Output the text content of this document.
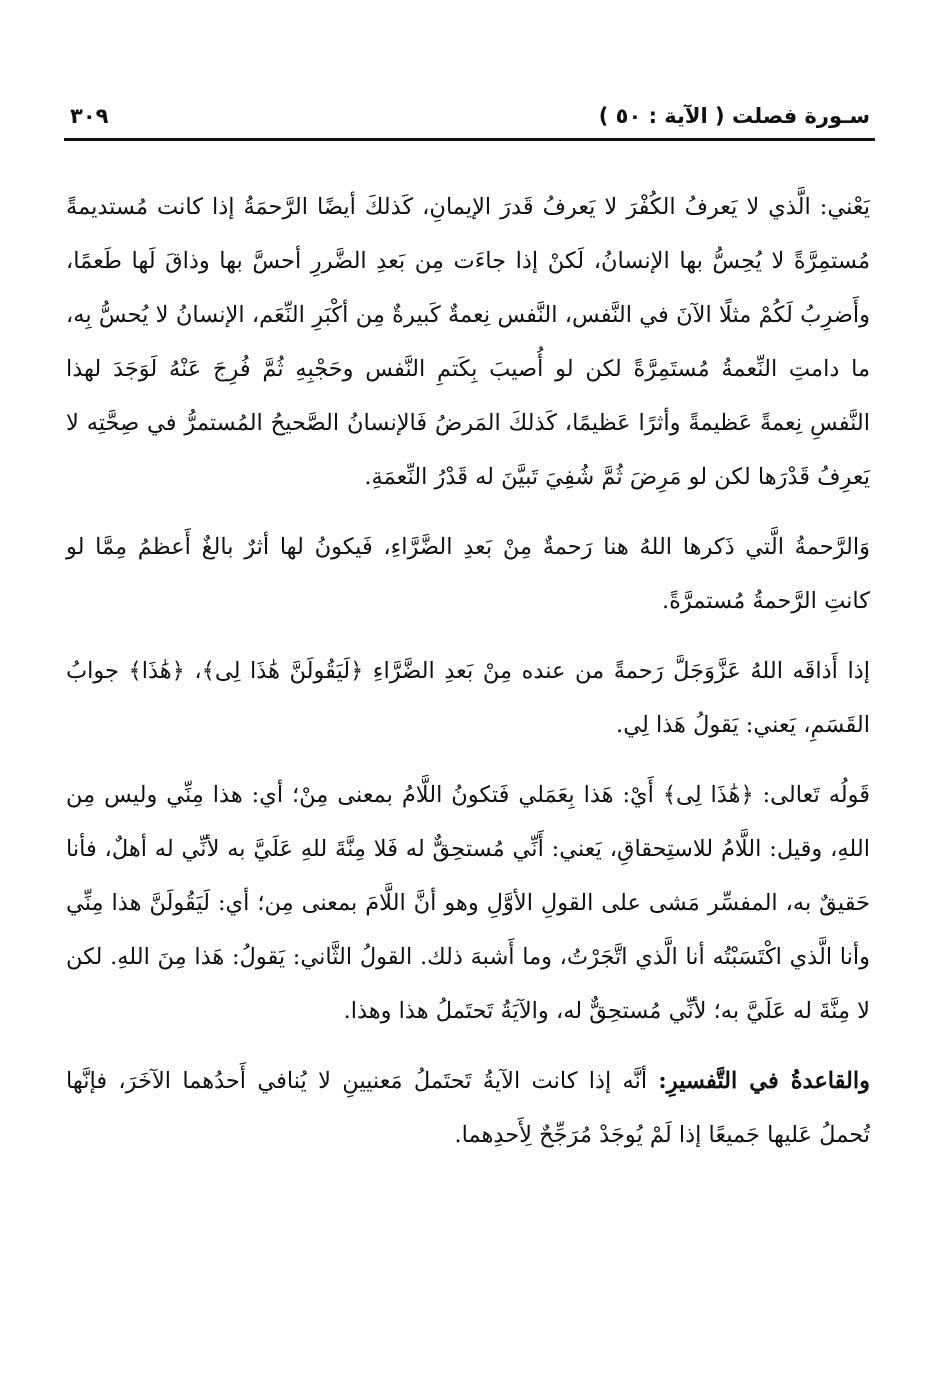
سـورة فصلت ( الآية : ٥٠ )
٣٠٩

يَعْني: الَّذي لا يَعرفُ الكُفْرَ لا يَعرفُ قَدرَ الإيمانِ، كَذلكَ أيضًا الرَّحمَةُ إذا كانت مُستديمةً مُستمِرَّةً لا يُحِسُّ بها الإنسانُ، لَكنْ إذا جاءَت مِن بَعدِ الضَّررِ أحسَّ بها وذاقَ لَها طَعمًا، وأَضرِبُ لَكُمْ مثلًا الآنَ في النَّفس، النَّفس نِعمةٌ كَبيرةٌ مِن أكْبَرِ النِّعَم، الإنسانُ لا يُحسُّ بِه، ما دامتِ النِّعمةُ مُستَمِرَّةً لكن لو أُصيبَ بِكَتمِ النَّفس وحَجْبِهِ ثُمَّ فُرِجَ عَنْهُ لَوَجَدَ لهذا النَّفسِ نِعمةً عَظيمةً وأثرًا عَظيمًا، كَذلكَ المَرضُ فَالإنسانُ الصَّحيحُ المُستمرُّ في صِحَّتِه لا يَعرِفُ قَدْرَها لكن لو مَرِضَ ثُمَّ شُفِيَ تَبيَّنَ له قَدْرُ النِّعمَةِ.

وَالرَّحمةُ الَّتي ذَكرها اللهُ هنا رَحمةٌ مِنْ بَعدِ الضَّرَّاءِ، فَيكونُ لها أثرٌ بالغٌ أَعظمُ مِمَّا لو كانتِ الرَّحمةُ مُستمرَّةً.

إذا أَذاقَه اللهُ عَزَّوَجَلَّ رَحمةً من عنده مِنْ بَعدِ الضَّرَّاءِ ﴿لَيَقُولَنَّ هَٰذَا لِى﴾، ﴿هَٰذَا﴾ جوابُ القَسَمِ، يَعني: يَقولُ هَذا لِي.

قَولُه تَعالى: ﴿هَٰذَا لِى﴾ أَيْ: هَذا بِعَمَلي فَتكونُ اللَّامُ بمعنى مِنْ؛ أي: هذا مِنِّي وليس مِن اللهِ، وقيل: اللَّامُ للاستِحقاقِ، يَعني: أَنِّي مُستحِقٌّ له فَلا مِنَّةَ للهِ عَلَيَّ به لأنِّي له أهلٌ، فأنا حَقيقٌ به، المفسِّر مَشى على القولِ الأوَّلِ وهو أنَّ اللَّامَ بمعنى مِن؛ أي: لَيَقُولَنَّ هذا مِنِّي وأنا الَّذي اكْتَسَبْتُه أنا الَّذي اتَّجَرْتُ، وما أَشبهَ ذلك. القولُ الثَّاني: يَقولُ: هَذا مِنَ اللهِ. لكن لا مِنَّةَ له عَلَيَّ به؛ لأنِّي مُستحِقٌّ له، والآيَةُ تَحتَملُ هذا وهذا.

والقاعدةُ في التَّفسيرِ: أنَّه إذا كانت الآيةُ تَحتَملُ مَعنيينِ لا يُنافي أَحدُهما الآخَرَ، فإنَّها تُحملُ عَليها جَميعًا إذا لَمْ يُوجَدْ مُرَجِّحٌ لِأَحدِهما.
